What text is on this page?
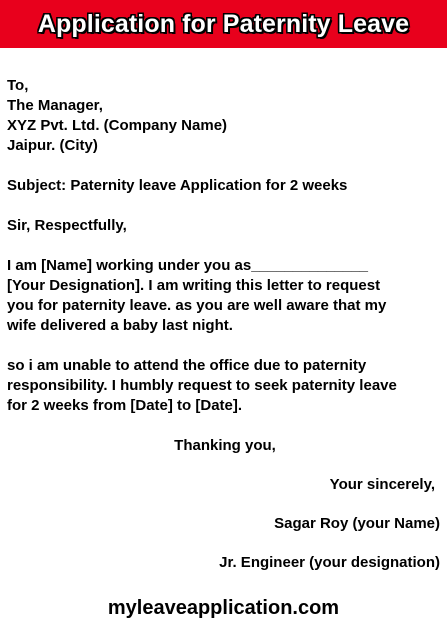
Application for Paternity Leave
To,
The Manager,
XYZ Pvt. Ltd. (Company Name)
Jaipur. (City)
Subject: Paternity leave Application for 2 weeks
Sir, Respectfully,
I am [Name] working under you as______________
[Your Designation]. I am writing this letter to request
you for paternity leave. as you are well aware that my
wife delivered a baby last night.
so i am unable to attend the office due to paternity
responsibility. I humbly request to seek paternity leave
for 2 weeks from [Date] to [Date].
Thanking you,
Your sincerely,
Sagar Roy (your Name)
Jr. Engineer (your designation)
myleaveapplication.com
